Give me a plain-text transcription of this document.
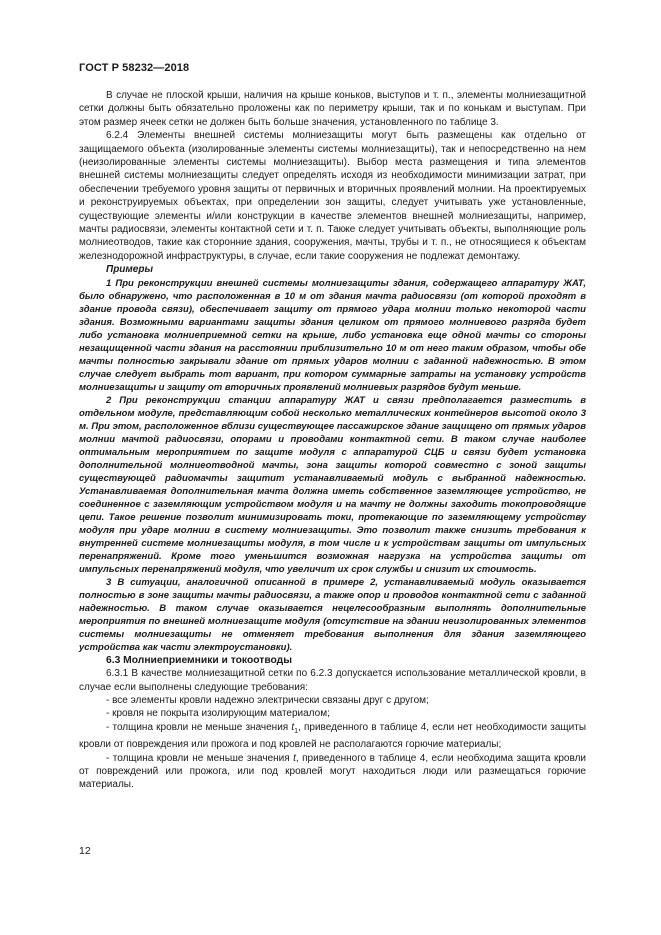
ГОСТ Р 58232—2018

В случае не плоской крыши, наличия на крыше коньков, выступов и т. п., элементы молниезащитной сетки должны быть обязательно проложены как по периметру крыши, так и по конькам и выступам. При этом размер ячеек сетки не должен быть больше значения, установленного по таблице 3.

6.2.4 Элементы внешней системы молниезащиты могут быть размещены как отдельно от защищаемого объекта (изолированные элементы системы молниезащиты), так и непосредственно на нем (неизолированные элементы системы молниезащиты). Выбор места размещения и типа элементов внешней системы молниезащиты следует определять исходя из необходимости минимизации затрат, при обеспечении требуемого уровня защиты от первичных и вторичных проявлений молнии. На проектируемых и реконструируемых объектах, при определении зон защиты, следует учитывать уже установленные, существующие элементы и/или конструкции в качестве элементов внешней молниезащиты, например, мачты радиосвязи, элементы контактной сети и т. п. Также следует учитывать объекты, выполняющие роль молниеотводов, такие как сторонние здания, сооружения, мачты, трубы и т. п., не относящиеся к объектам железнодорожной инфраструктуры, в случае, если такие сооружения не подлежат демонтажу.

Примеры

1 При реконструкции внешней системы молниезащиты здания, содержащего аппаратуру ЖАТ, было обнаружено, что расположенная в 10 м от здания мачта радиосвязи (от которой проходят в здание провода связи), обеспечивает защиту от прямого удара молнии только некоторой части здания. Возможными вариантами защиты здания целиком от прямого молниевого разряда будет либо установка молниеприемной сетки на крыше, либо установка еще одной мачты со стороны незащищенной части здания на расстоянии приблизительно 10 м от него таким образом, чтобы обе мачты полностью закрывали здание от прямых ударов молнии с заданной надежностью. В этом случае следует выбрать тот вариант, при котором суммарные затраты на установку устройств молниезащиты и защиту от вторичных проявлений молниевых разрядов будут меньше.

2 При реконструкции станции аппаратуру ЖАТ и связи предполагается разместить в отдельном модуле, представляющим собой несколько металлических контейнеров высотой около 3 м. При этом, расположенное вблизи существующее пассажирское здание защищено от прямых ударов молнии мачтой радиосвязи, опорами и проводами контактной сети. В таком случае наиболее оптимальным мероприятием по защите модуля с аппаратурой СЦБ и связи будет установка дополнительной молниеотводной мачты, зона защиты которой совместно с зоной защиты существующей радиомачты защитит устанавливаемый модуль с выбранной надежностью. Устанавливаемая дополнительная мачта должна иметь собственное заземляющее устройство, не соединенное с заземляющим устройством модуля и на мачту не должны заходить токопроводящие цепи. Такое решение позволит минимизировать токи, протекающие по заземляющему устройству модуля при ударе молнии в систему молниезащиты. Это позволит также снизить требования к внутренней системе молниезащиты модуля, в том числе и к устройствам защиты от импульсных перенапряжений. Кроме того уменьшится возможная нагрузка на устройства защиты от импульсных перенапряжений модуля, что увеличит их срок службы и снизит их стоимость.

3 В ситуации, аналогичной описанной в примере 2, устанавливаемый модуль оказывается полностью в зоне защиты мачты радиосвязи, а также опор и проводов контактной сети с заданной надежностью. В таком случае оказывается нецелесообразным выполнять дополнительные мероприятия по внешней молниезащите модуля (отсутствие на здании неизолированных элементов системы молниезащиты не отменяет требования выполнения для здания заземляющего устройства как части электроустановки).

6.3 Молниеприемники и токоотводы

6.3.1 В качестве молниезащитной сетки по 6.2.3 допускается использование металлической кровли, в случае если выполнены следующие требования:

- все элементы кровли надежно электрически связаны друг с другом;

- кровля не покрыта изолирующим материалом;

- толщина кровли не меньше значения $t_1$, приведенного в таблице 4, если нет необходимости защиты кровли от повреждения или прожога и под кровлей не располагаются горючие материалы;

- толщина кровли не меньше значения t, приведенного в таблице 4, если необходима защита кровли от повреждений или прожога, или под кровлей могут находиться люди или размещаться горючие материалы.

12
